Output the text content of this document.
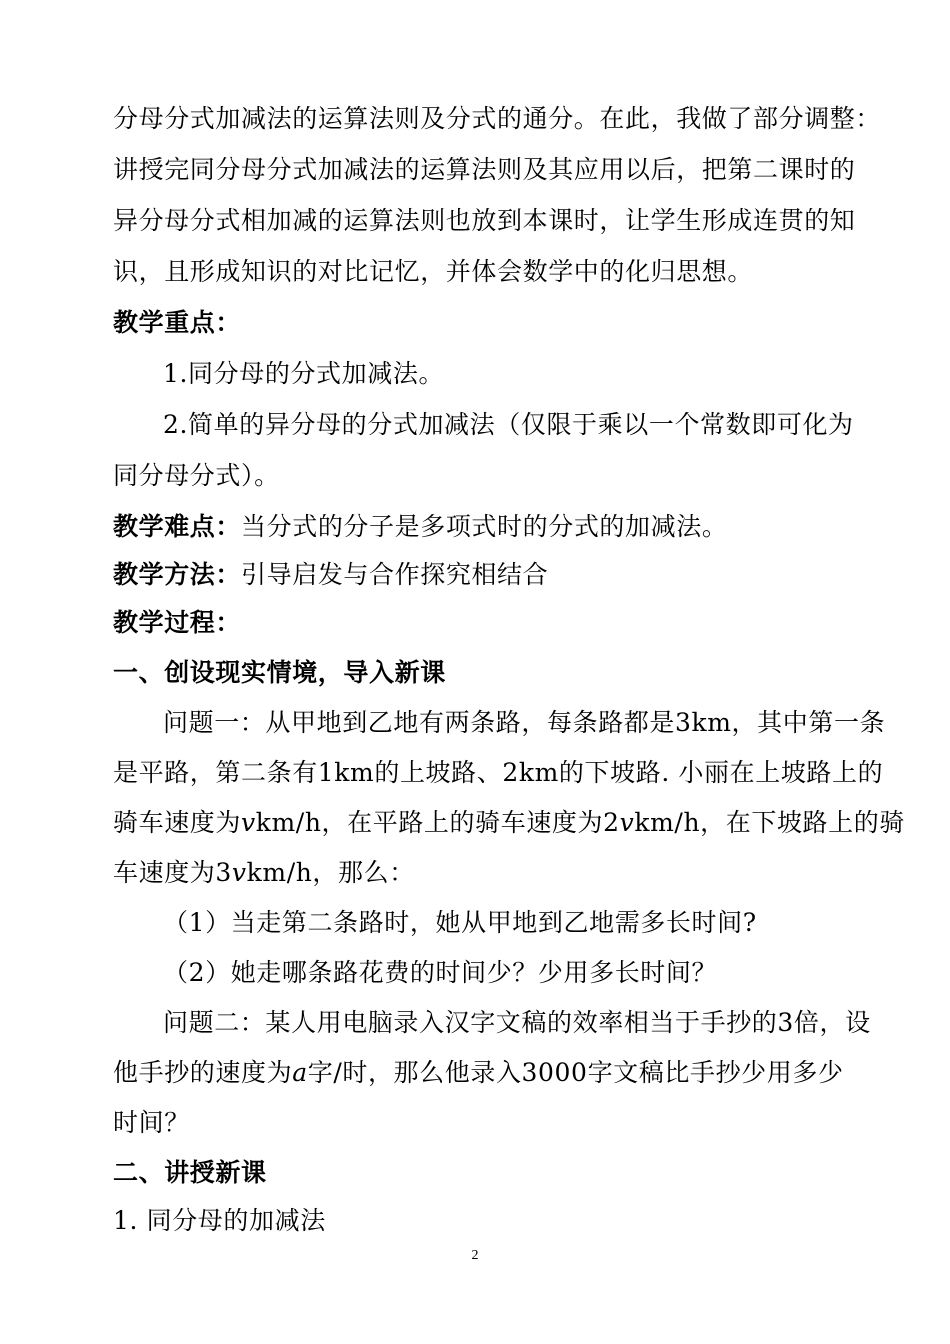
分母分式加减法的运算法则及分式的通分。在此，我做了部分调整：
讲授完同分母分式加减法的运算法则及其应用以后，把第二课时的
异分母分式相加减的运算法则也放到本课时，让学生形成连贯的知
识，且形成知识的对比记忆，并体会数学中的化归思想。
教学重点：
1.同分母的分式加减法。
2.简单的异分母的分式加减法（仅限于乘以一个常数即可化为
同分母分式）。
教学难点：当分式的分子是多项式时的分式的加减法。
教学方法：引导启发与合作探究相结合
教学过程：
一、创设现实情境，导入新课
问题一：从甲地到乙地有两条路，每条路都是3km，其中第一条
是平路，第二条有1km的上坡路、2km的下坡路. 小丽在上坡路上的
骑车速度为vkm/h，在平路上的骑车速度为2vkm/h，在下坡路上的骑
车速度为3vkm/h，那么：
（1）当走第二条路时，她从甲地到乙地需多长时间?
（2）她走哪条路花费的时间少？少用多长时间？
问题二：某人用电脑录入汉字文稿的效率相当于手抄的3倍，设
他手抄的速度为a字/时，那么他录入3000字文稿比手抄少用多少
时间？
二、讲授新课
1. 同分母的加减法
2
